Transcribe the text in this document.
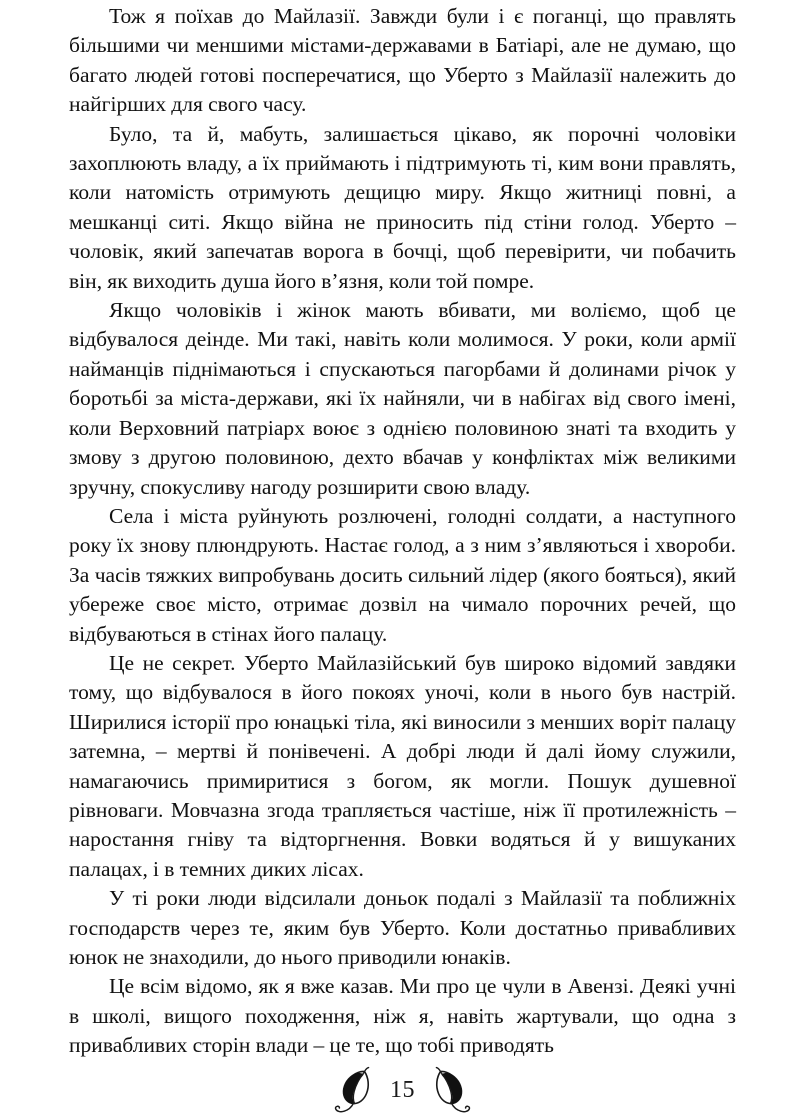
Тож я поїхав до Майлазії. Завжди були і є поганці, що правлять більшими чи меншими містами-державами в Батіарі, але не думаю, що багато людей готові посперечатися, що Уберто з Майлазії належить до найгірших для свого часу.

Було, та й, мабуть, залишається цікаво, як порочні чоловіки захоплюють владу, а їх приймають і підтримують ті, ким вони правлять, коли натомість отримують дещицю миру. Якщо житниці повні, а мешканці ситі. Якщо війна не приносить під стіни голод. Уберто – чоловік, який запечатав ворога в бочці, щоб перевірити, чи побачить він, як виходить душа його в’язня, коли той помре.

Якщо чоловіків і жінок мають вбивати, ми воліємо, щоб це відбувалося деінде. Ми такі, навіть коли молимося. У роки, коли армії найманців піднімаються і спускаються пагорбами й долинами річок у боротьбі за міста-держави, які їх найняли, чи в набігах від свого імені, коли Верховний патріарх воює з однією половиною знаті та входить у змову з другою половиною, дехто вбачав у конфліктах між великими зручну, спокусливу нагоду розширити свою владу.

Села і міста руйнують розлючені, голодні солдати, а наступного року їх знову плюндрують. Настає голод, а з ним з’являються і хвороби. За часів тяжких випробувань досить сильний лідер (якого бояться), який убереже своє місто, отримає дозвіл на чимало порочних речей, що відбуваються в стінах його палацу.

Це не секрет. Уберто Майлазійський був широко відомий завдяки тому, що відбувалося в його покоях уночі, коли в нього був настрій. Ширилися історії про юнацькі тіла, які виносили з менших воріт палацу затемна, – мертві й понівечені. А добрі люди й далі йому служили, намагаючись примиритися з богом, як могли. Пошук душевної рівноваги. Мовчазна згода трапляється частіше, ніж її протилежність – наростання гніву та відторгнення. Вовки водяться й у вишуканих палацах, і в темних диких лісах.

У ті роки люди відсилали доньок подалі з Майлазії та поближніх господарств через те, яким був Уберто. Коли достатньо привабливих юнок не знаходили, до нього приводили юнаків.

Це всім відомо, як я вже казав. Ми про це чули в Авензі. Деякі учні в школі, вищого походження, ніж я, навіть жартували, що одна з привабливих сторін влади – це те, що тобі приводять

15
